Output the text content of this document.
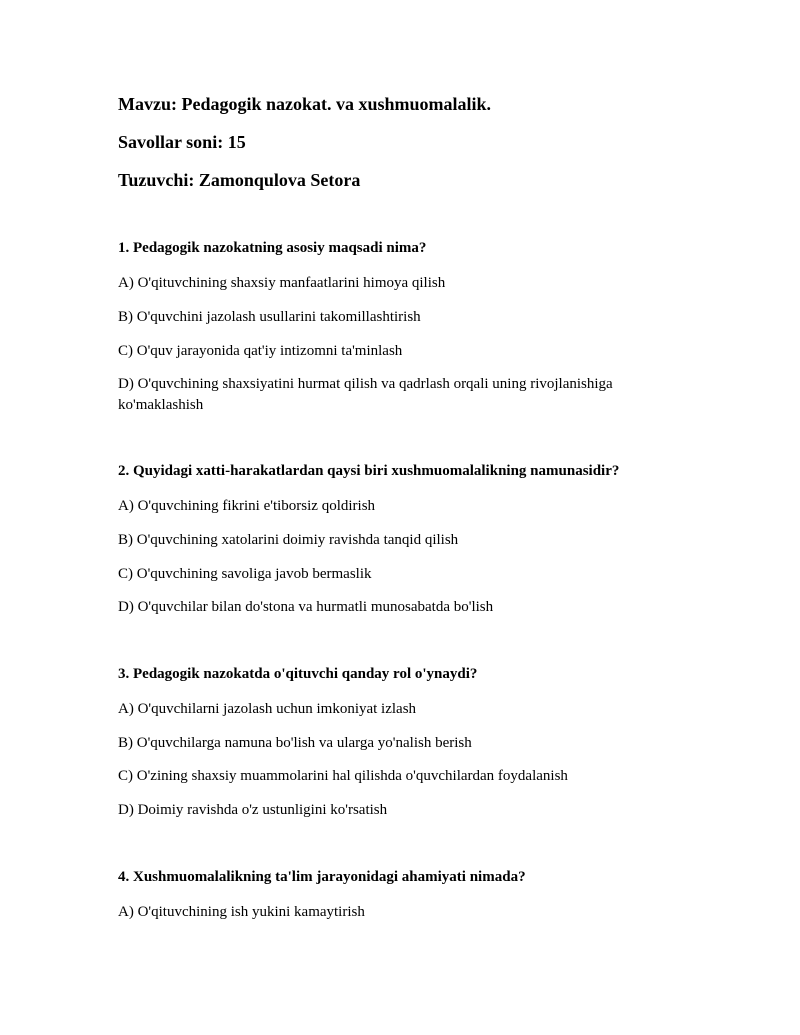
Mavzu: Pedagogik nazokat. va xushmuomalalik.
Savollar soni: 15
Tuzuvchi: Zamonqulova Setora
1. Pedagogik nazokatning asosiy maqsadi nima?
A) O'qituvchining shaxsiy manfaatlarini himoya qilish
B) O'quvchini jazolash usullarini takomillashtirish
C) O'quv jarayonida qat'iy intizomni ta'minlash
D) O'quvchining shaxsiyatini hurmat qilish va qadrlash orqali uning rivojlanishiga ko'maklashish
2. Quyidagi xatti-harakatlardan qaysi biri xushmuomalalikning namunasidir?
A) O'quvchining fikrini e'tiborsiz qoldirish
B) O'quvchining xatolarini doimiy ravishda tanqid qilish
C) O'quvchining savoliga javob bermaslik
D) O'quvchilar bilan do'stona va hurmatli munosabatda bo'lish
3. Pedagogik nazokatda o'qituvchi qanday rol o'ynaydi?
A) O'quvchilarni jazolash uchun imkoniyat izlash
B) O'quvchilarga namuna bo'lish va ularga yo'nalish berish
C) O'zining shaxsiy muammolarini hal qilishda o'quvchilardan foydalanish
D) Doimiy ravishda o'z ustunligini ko'rsatish
4. Xushmuomalalikning ta'lim jarayonidagi ahamiyati nimada?
A) O'qituvchining ish yukini kamaytirish
